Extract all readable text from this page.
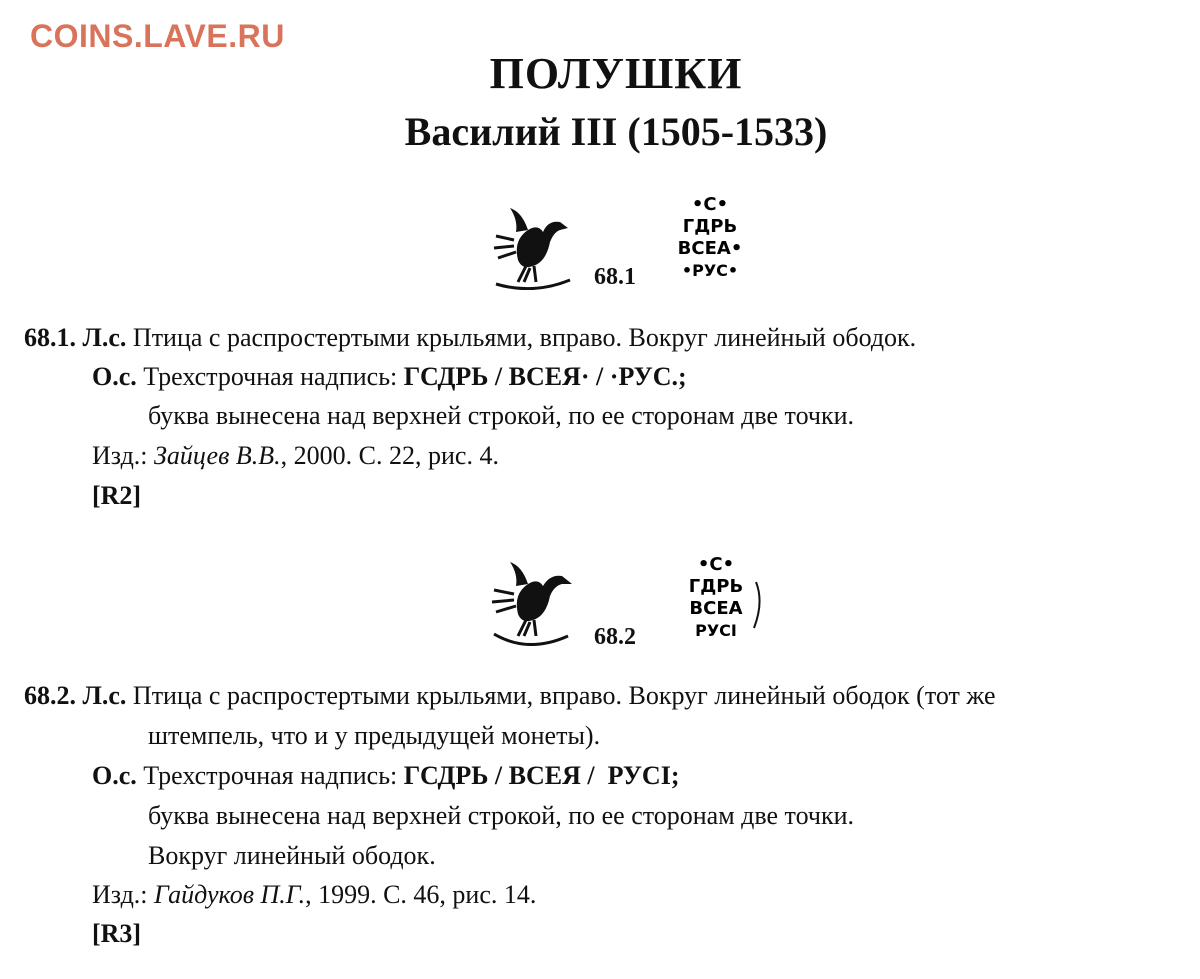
COINS.LAVE.RU
ПОЛУШКИ
Василий III (1505-1533)
•С•
ГДРЬ
ВСЕА•
•РУС•
68.1
68.1. Л.с. Птица с распростертыми крыльями, вправо. Вокруг линейный ободок.
О.с. Трехстрочная надпись: ГСДРЬ / ВСЕЯ· / ·РУС.;
буква вынесена над верхней строкой, по ее сторонам две точки.
Изд.: Зайцев В.В., 2000. С. 22, рис. 4.
[R2]
•С•
ГДРЬ
ВСЕА
РУСІ
68.2
68.2. Л.с. Птица с распростертыми крыльями, вправо. Вокруг линейный ободок (тот же
штемпель, что и у предыдущей монеты).
О.с. Трехстрочная надпись: ГСДРЬ / ВСЕЯ /  РУСІ;
буква вынесена над верхней строкой, по ее сторонам две точки.
Вокруг линейный ободок.
Изд.: Гайдуков П.Г., 1999. С. 46, рис. 14.
[R3]
